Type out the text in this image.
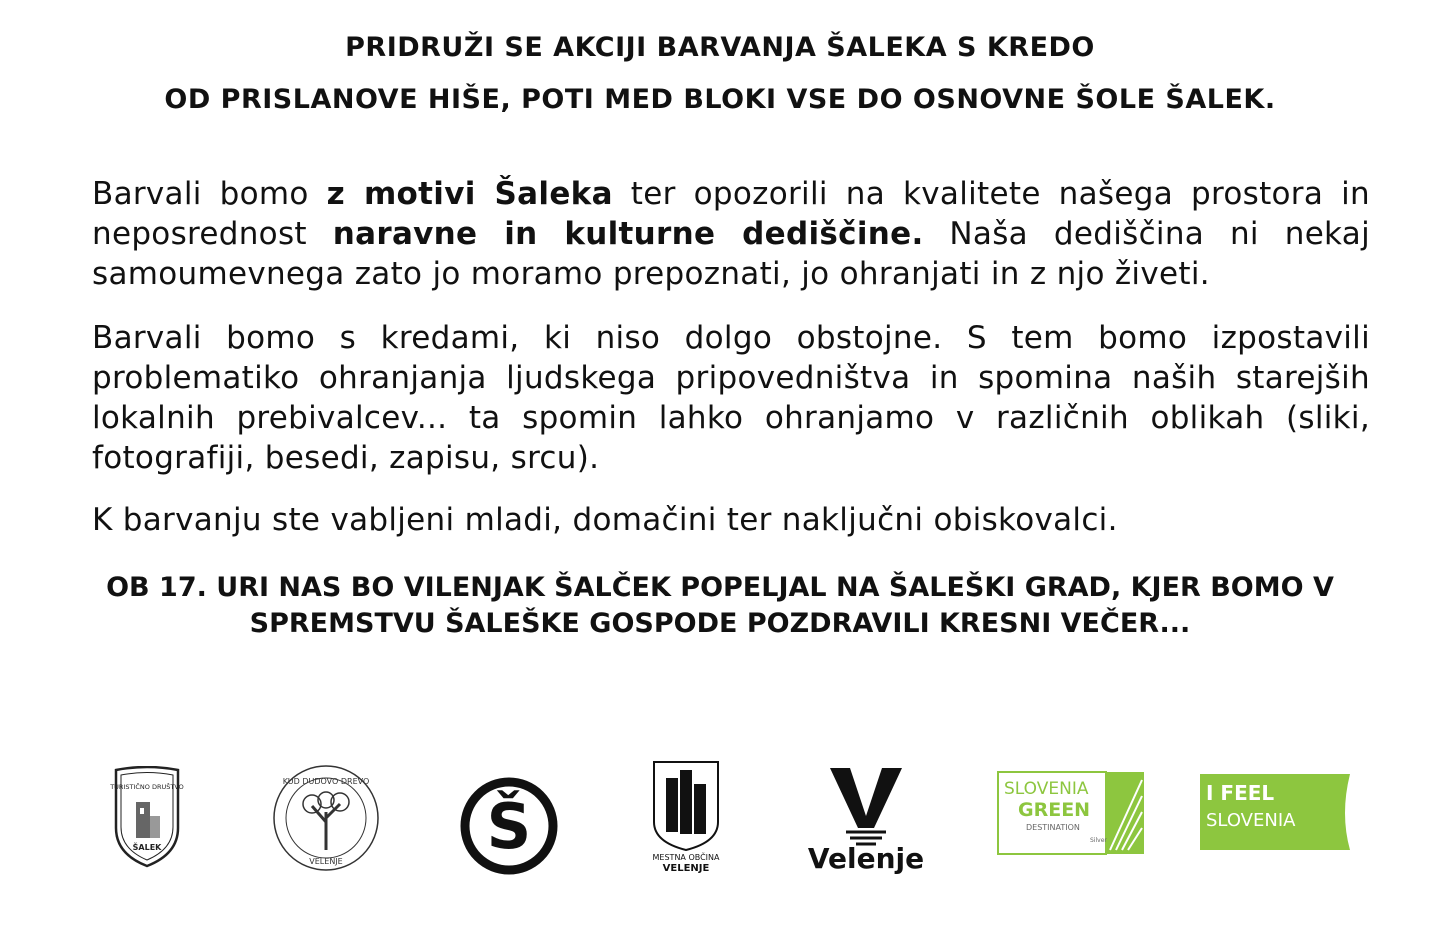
PRIDRUŽI SE AKCIJI BARVANJA ŠALEKA S KREDO
OD PRISLANOVE HIŠE, POTI MED BLOKI VSE DO OSNOVNE ŠOLE ŠALEK.
Barvali bomo z motivi Šaleka ter opozorili na kvalitete našega prostora in neposrednost naravne in kulturne dediščine. Naša dediščina ni nekaj samoumevnega zato jo moramo prepoznati, jo ohranjati in z njo živeti.
Barvali bomo s kredami, ki niso dolgo obstojne. S tem bomo izpostavili problematiko ohranjanja ljudskega pripovedništva in spomina naših starejših lokalnih prebivalcev... ta spomin lahko ohranjamo v različnih oblikah (sliki, fotografiji, besedi, zapisu, srcu).
K barvanju ste vabljeni mladi, domačini ter naključni obiskovalci.
OB 17. URI NAS BO VILENJAK ŠALČEK POPELJAL NA ŠALEŠKI GRAD, KJER BOMO V SPREMSTVU ŠALEŠKE GOSPODE POZDRAVILI KRESNI VEČER...
TURISTIČNO DRUŠTVO
ŠALEK
KUD DUDOVO DREVO
VELENJE Š	MESTNA OBČINA
VELENJE	Velenje
SLOVENIA
GREEN
DESTINATION
Silver
I FEEL
SLOVENIA
